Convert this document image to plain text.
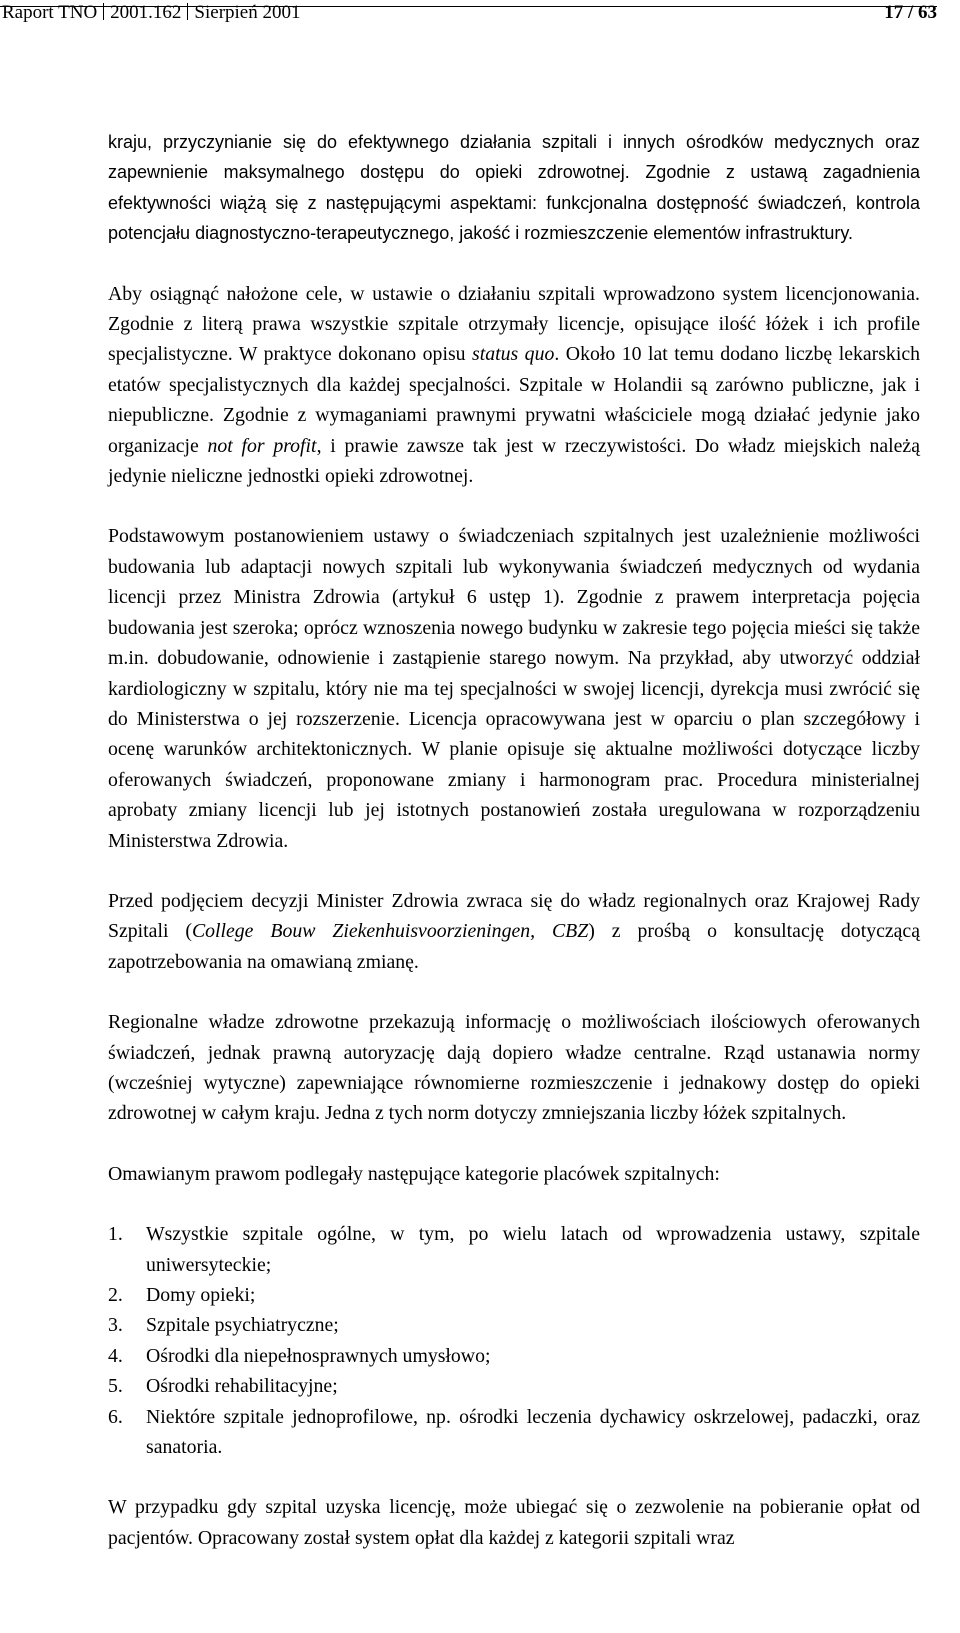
Raport TNO 2001.162 Sierpień 2001	17 / 63

kraju, przyczynianie się do efektywnego działania szpitali i innych ośrodków medycznych oraz zapewnienie maksymalnego dostępu do opieki zdrowotnej. Zgodnie z ustawą zagadnienia efektywności wiążą się z następującymi aspektami: funkcjonalna dostępność świadczeń, kontrola potencjału diagnostyczno-terapeutycznego, jakość i rozmieszczenie elementów infrastruktury.

Aby osiągnąć nałożone cele, w ustawie o działaniu szpitali wprowadzono system licencjonowania. Zgodnie z literą prawa wszystkie szpitale otrzymały licencje, opisujące ilość łóżek i ich profile specjalistyczne. W praktyce dokonano opisu status quo. Około 10 lat temu dodano liczbę lekarskich etatów specjalistycznych dla każdej specjalności. Szpitale w Holandii są zarówno publiczne, jak i niepubliczne. Zgodnie z wymaganiami prawnymi prywatni właściciele mogą działać jedynie jako organizacje not for profit, i prawie zawsze tak jest w rzeczywistości. Do władz miejskich należą jedynie nieliczne jednostki opieki zdrowotnej.

Podstawowym postanowieniem ustawy o świadczeniach szpitalnych jest uzależnienie możliwości budowania lub adaptacji nowych szpitali lub wykonywania świadczeń medycznych od wydania licencji przez Ministra Zdrowia (artykuł 6 ustęp 1). Zgodnie z prawem interpretacja pojęcia budowania jest szeroka; oprócz wznoszenia nowego budynku w zakresie tego pojęcia mieści się także m.in. dobudowanie, odnowienie i zastąpienie starego nowym. Na przykład, aby utworzyć oddział kardiologiczny w szpitalu, który nie ma tej specjalności w swojej licencji, dyrekcja musi zwrócić się do Ministerstwa o jej rozszerzenie. Licencja opracowywana jest w oparciu o plan szczegółowy i ocenę warunków architektonicznych. W planie opisuje się aktualne możliwości dotyczące liczby oferowanych świadczeń, proponowane zmiany i harmonogram prac. Procedura ministerialnej aprobaty zmiany licencji lub jej istotnych postanowień została uregulowana w rozporządzeniu Ministerstwa Zdrowia.

Przed podjęciem decyzji Minister Zdrowia zwraca się do władz regionalnych oraz Krajowej Rady Szpitali (College Bouw Ziekenhuisvoorzieningen, CBZ) z prośbą o konsultację dotyczącą zapotrzebowania na omawianą zmianę.

Regionalne władze zdrowotne przekazują informację o możliwościach ilościowych oferowanych świadczeń, jednak prawną autoryzację dają dopiero władze centralne. Rząd ustanawia normy (wcześniej wytyczne) zapewniające równomierne rozmieszczenie i jednakowy dostęp do opieki zdrowotnej w całym kraju. Jedna z tych norm dotyczy zmniejszania liczby łóżek szpitalnych.

Omawianym prawom podlegały następujące kategorie placówek szpitalnych:

1. Wszystkie szpitale ogólne, w tym, po wielu latach od wprowadzenia ustawy, szpitale uniwersyteckie;
2. Domy opieki;
3. Szpitale psychiatryczne;
4. Ośrodki dla niepełnosprawnych umysłowo;
5. Ośrodki rehabilitacyjne;
6. Niektóre szpitale jednoprofilowe, np. ośrodki leczenia dychawicy oskrzelowej, padaczki, oraz sanatoria.

W przypadku gdy szpital uzyska licencję, może ubiegać się o zezwolenie na pobieranie opłat od pacjentów. Opracowany został system opłat dla każdej z kategorii szpitali wraz
